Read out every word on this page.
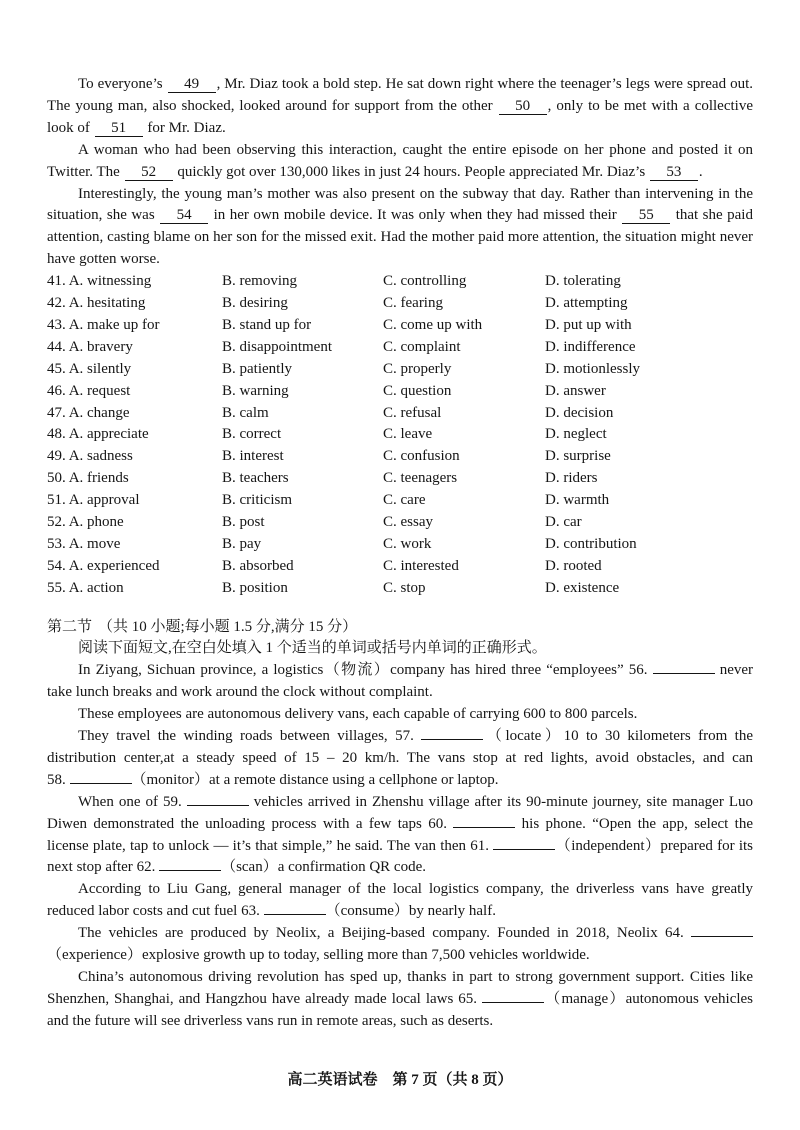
To everyone’s 49 , Mr. Diaz took a bold step. He sat down right where the teenager’s legs were spread out. The young man, also shocked, looked around for support from the other 50 , only to be met with a collective look of 51 for Mr. Diaz.

A woman who had been observing this interaction, caught the entire episode on her phone and posted it on Twitter. The 52 quickly got over 130,000 likes in just 24 hours. People appreciated Mr. Diaz’s 53 .

Interestingly, the young man’s mother was also present on the subway that day. Rather than intervening in the situation, she was 54 in her own mobile device. It was only when they had missed their 55 that she paid attention, casting blame on her son for the missed exit. Had the mother paid more attention, the situation might never have gotten worse.

41. A. witnessing	B. removing	C. controlling	D. tolerating
42. A. hesitating	B. desiring	C. fearing	D. attempting
43. A. make up for	B. stand up for	C. come up with	D. put up with
44. A. bravery	B. disappointment	C. complaint	D. indifference
45. A. silently	B. patiently	C. properly	D. motionlessly
46. A. request	B. warning	C. question	D. answer
47. A. change	B. calm	C. refusal	D. decision
48. A. appreciate	B. correct	C. leave	D. neglect
49. A. sadness	B. interest	C. confusion	D. surprise
50. A. friends	B. teachers	C. teenagers	D. riders
51. A. approval	B. criticism	C. care	D. warmth
52. A. phone	B. post	C. essay	D. car
53. A. move	B. pay	C. work	D. contribution
54. A. experienced	B. absorbed	C. interested	D. rooted
55. A. action	B. position	C. stop	D. existence

第二节 （共 10 小题;每小题 1.5 分,满分 15 分）

阅读下面短文,在空白处填入 1 个适当的单词或括号内单词的正确形式。

In Ziyang, Sichuan province, a logistics（物流）company has hired three “employees” 56.	never take lunch breaks and work around the clock without complaint.

These employees are autonomous delivery vans, each capable of carrying 600 to 800 parcels.

They travel the winding roads between villages, 57.	（locate）10 to 30 kilometers from the distribution center,at a steady speed of 15 – 20 km/h. The vans stop at red lights, avoid obstacles, and can 58.	（monitor）at a remote distance using a cellphone or laptop.

When one of 59.	vehicles arrived in Zhenshu village after its 90-minute journey, site manager Luo Diwen demonstrated the unloading process with a few taps 60.	his phone. “Open the app, select the license plate, tap to unlock — it’s that simple,” he said. The van then 61.	（independent）prepared for its next stop after 62.	（scan）a confirmation QR code.

According to Liu Gang, general manager of the local logistics company, the driverless vans have greatly reduced labor costs and cut fuel 63.	（consume）by nearly half.

The vehicles are produced by Neolix, a Beijing-based company. Founded in 2018, Neolix 64. （experience）explosive growth up to today, selling more than 7,500 vehicles worldwide.

China’s autonomous driving revolution has sped up, thanks in part to strong government support. Cities like Shenzhen, Shanghai, and Hangzhou have already made local laws 65.	（manage）autonomous vehicles and the future will see driverless vans run in remote areas, such as deserts.

高二英语试卷　第 7 页（共 8 页）
